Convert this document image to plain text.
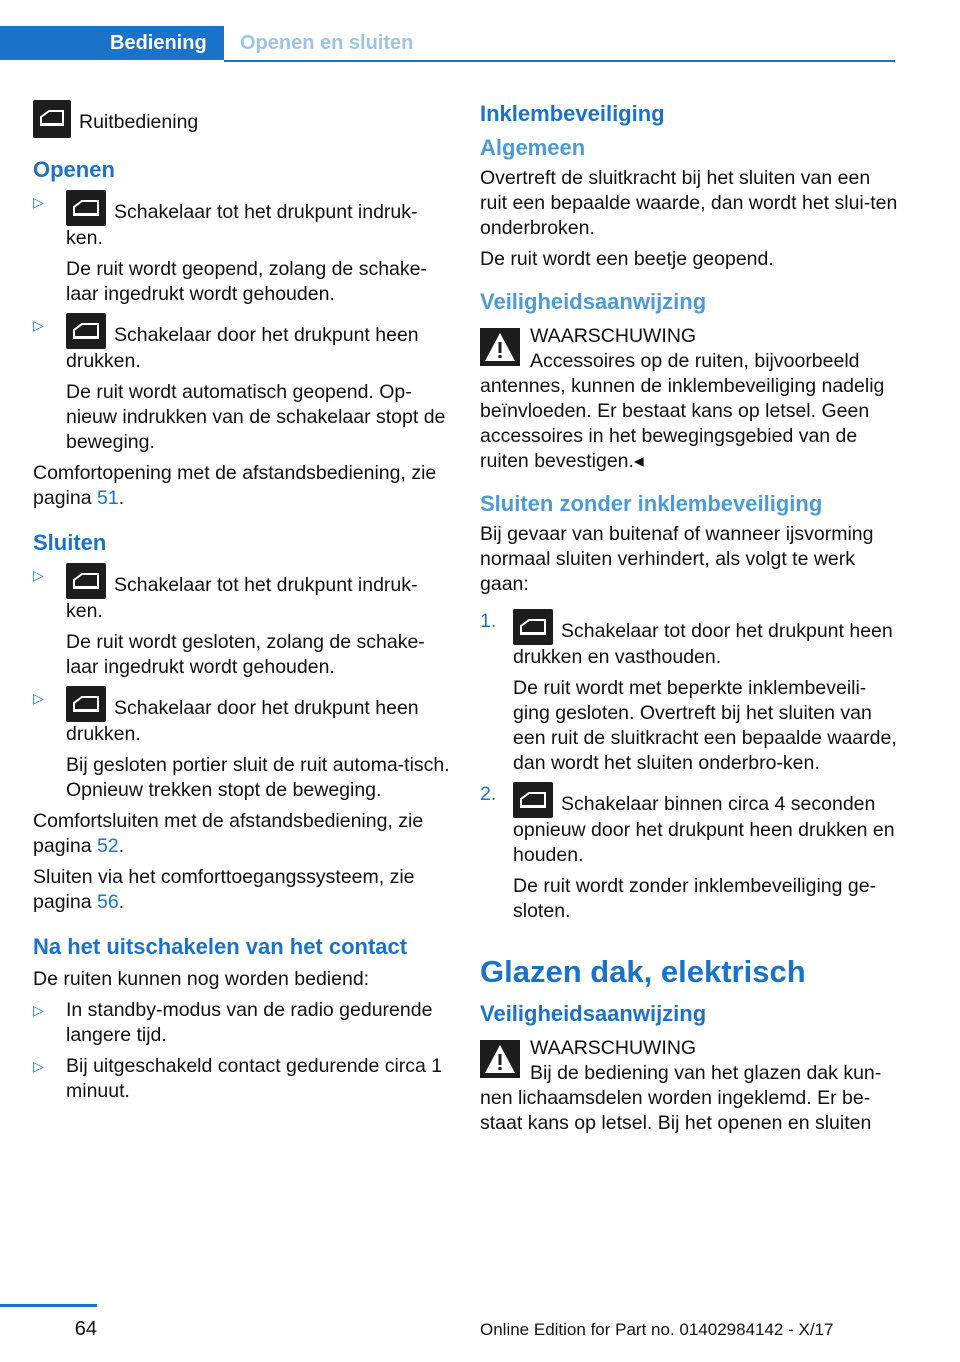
Bediening	Openen en sluiten

Ruitbediening

Openen
▷	Schakelaar tot het drukpunt indruk-ken.

De ruit wordt geopend, zolang de schake-laar ingedrukt wordt gehouden.

▷	Schakelaar door het drukpunt heen drukken.

De ruit wordt automatisch geopend. Op-nieuw indrukken van de schakelaar stopt de beweging.

Comfortopening met de afstandsbediening, zie pagina 51.

Sluiten
▷	Schakelaar tot het drukpunt indruk-ken.

De ruit wordt gesloten, zolang de schake-laar ingedrukt wordt gehouden.

▷	Schakelaar door het drukpunt heen drukken.

Bij gesloten portier sluit de ruit automa-tisch. Opnieuw trekken stopt de beweging.

Comfortsluiten met de afstandsbediening, zie pagina 52.

Sluiten via het comforttoegangssysteem, zie pagina 56.

Na het uitschakelen van het contact

De ruiten kunnen nog worden bediend:

▷ In standby-modus van de radio gedurende langere tijd.

▷ Bij uitgeschakeld contact gedurende circa 1 minuut.

Inklembeveiliging
Algemeen

Overtreft de sluitkracht bij het sluiten van een ruit een bepaalde waarde, dan wordt het slui-ten onderbroken.

De ruit wordt een beetje geopend.

Veiligheidsaanwijzing
WAARSCHUWING

Accessoires op de ruiten, bijvoorbeeld antennes, kunnen de inklembeveiliging nadelig beïnvloeden. Er bestaat kans op letsel. Geen accessoires in het bewegingsgebied van de ruiten bevestigen.◂

Sluiten zonder inklembeveiliging

Bij gevaar van buitenaf of wanneer ijsvorming normaal sluiten verhindert, als volgt te werk gaan:

1.	Schakelaar tot door het drukpunt heen drukken en vasthouden.

De ruit wordt met beperkte inklembeveili-ging gesloten. Overtreft bij het sluiten van een ruit de sluitkracht een bepaalde waarde, dan wordt het sluiten onderbro-ken.

2.	Schakelaar binnen circa 4 seconden opnieuw door het drukpunt heen drukken en houden.

De ruit wordt zonder inklembeveiliging ge-sloten.

Glazen dak, elektrisch
Veiligheidsaanwijzing
WAARSCHUWING

Bij de bediening van het glazen dak kun-nen lichaamsdelen worden ingeklemd. Er be-staat kans op letsel. Bij het openen en sluiten

64	Online Edition for Part no. 01402984142 - X/17
